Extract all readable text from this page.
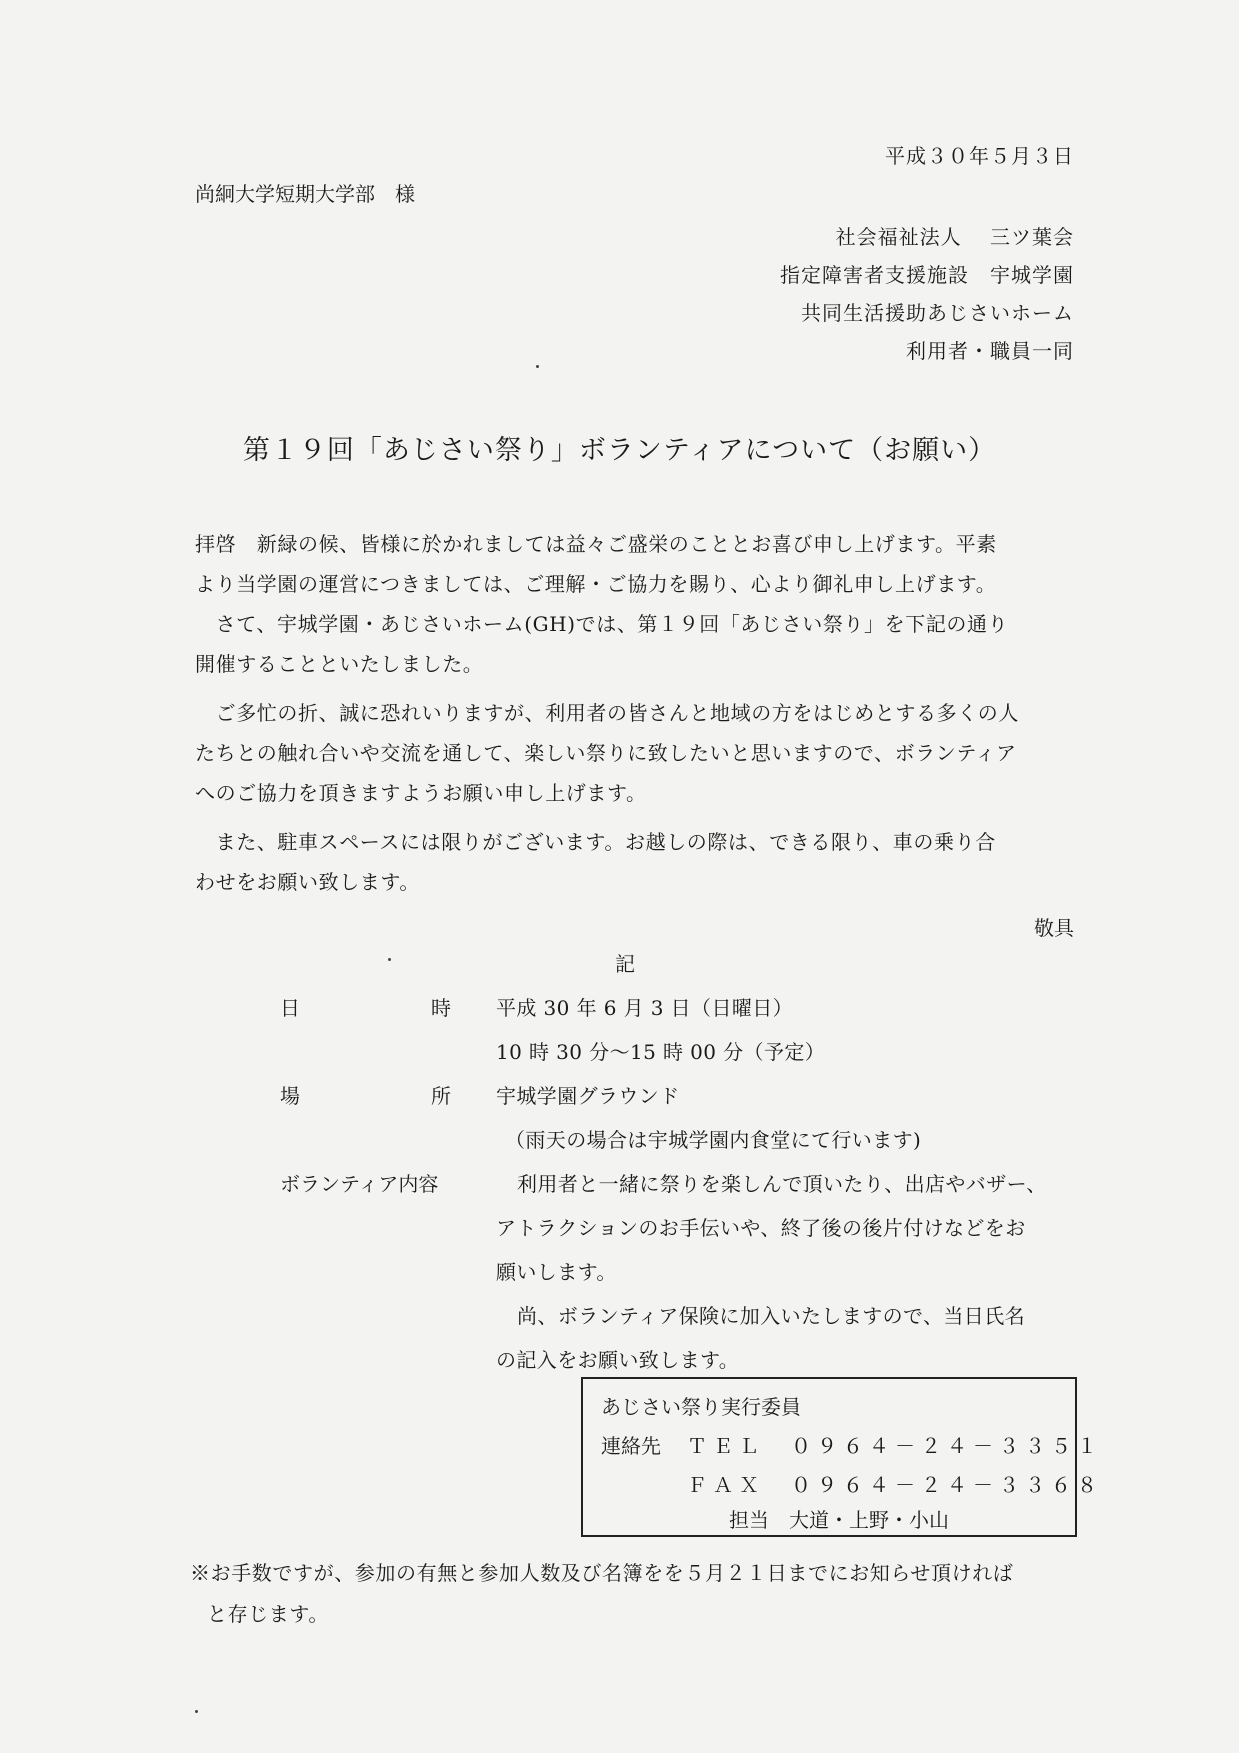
平成３０年５月３日
尚絅大学短期大学部　様
社会福祉法人　 三ツ葉会
指定障害者支援施設　宇城学園
共同生活援助あじさいホーム
利用者・職員一同
第１９回「あじさい祭り」ボランティアについて（お願い）
拝啓　新緑の候、皆様に於かれましては益々ご盛栄のこととお喜び申し上げます。平素
より当学園の運営につきましては、ご理解・ご協力を賜り、心より御礼申し上げます。
　さて、宇城学園・あじさいホーム(GH)では、第１９回「あじさい祭り」を下記の通り
開催することといたしました。
　ご多忙の折、誠に恐れいりますが、利用者の皆さんと地域の方をはじめとする多くの人
たちとの触れ合いや交流を通して、楽しい祭りに致したいと思いますので、ボランティア
へのご協力を頂きますようお願い申し上げます。
　また、駐車スペースには限りがございます。お越しの際は、できる限り、車の乗り合
わせをお願い致します。
敬具
記
日	時 平成 30 年 6 月 3 日（日曜日）
10 時 30 分～15 時 00 分（予定）
場	所 宇城学園グラウンド
（雨天の場合は宇城学園内食堂にて行います)
ボランティア内容	利用者と一緒に祭りを楽しんで頂いたり、出店やバザー、
アトラクションのお手伝いや、終了後の後片付けなどをお
願いします。
尚、ボランティア保険に加入いたしますので、当日氏名
の記入をお願い致します。
あじさい祭り実行委員
連絡先 ＴＥＬ　０９６４－２４－３３５１
ＦＡＸ　０９６４－２４－３３６８
担当　大道・上野・小山
※お手数ですが、参加の有無と参加人数及び名簿をを５月２１日までにお知らせ頂ければ
と存じます。
